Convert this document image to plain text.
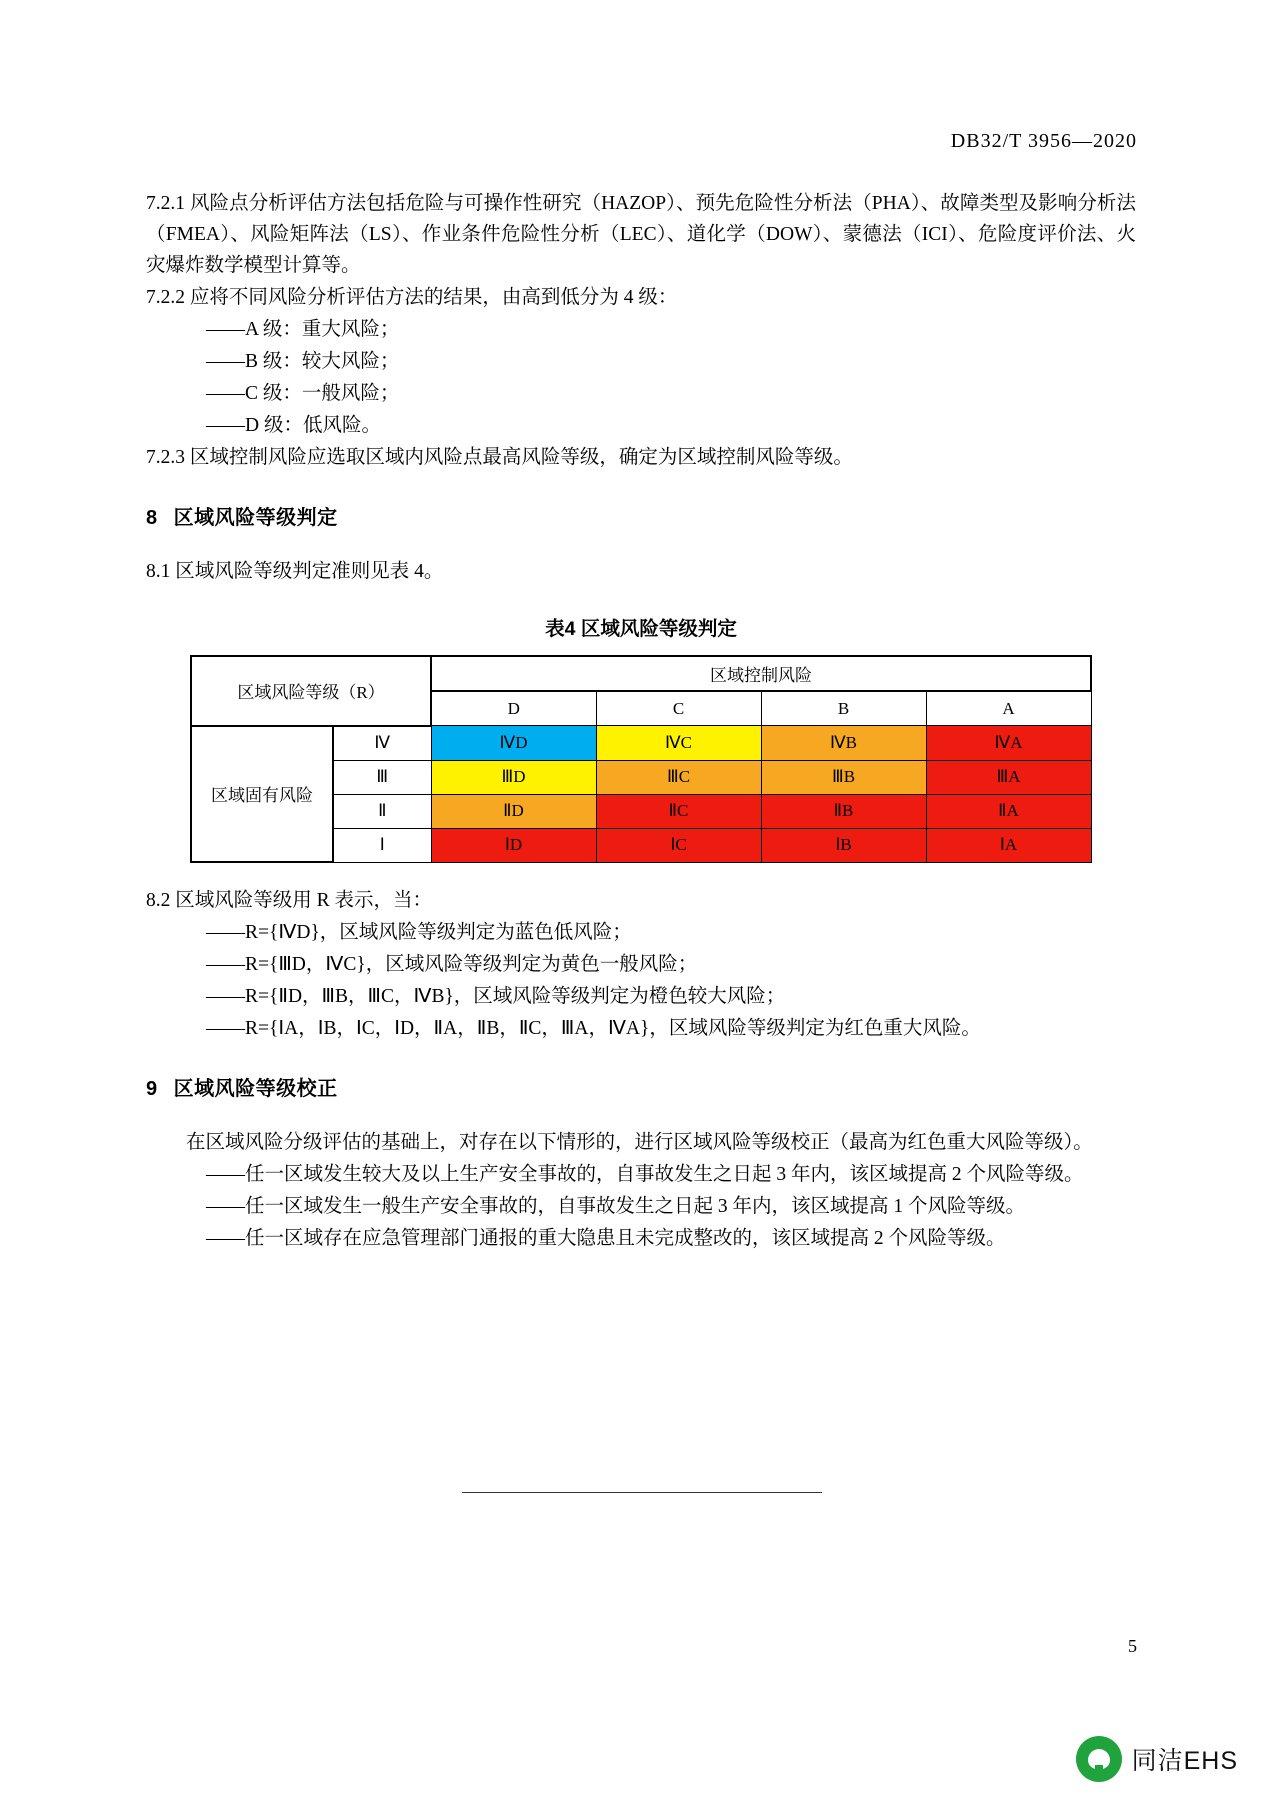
DB32/T 3956—2020

7.2.1 风险点分析评估方法包括危险与可操作性研究（HAZOP）、预先危险性分析法（PHA）、故障类型及影响分析法（FMEA）、风险矩阵法（LS）、作业条件危险性分析（LEC）、道化学（DOW）、蒙德法（ICI）、危险度评价法、火灾爆炸数学模型计算等。

7.2.2 应将不同风险分析评估方法的结果，由高到低分为 4 级：

——A 级：重大风险；
——B 级：较大风险；
——C 级：一般风险；
——D 级：低风险。

7.2.3 区域控制风险应选取区域内风险点最高风险等级，确定为区域控制风险等级。

8 区域风险等级判定

8.1 区域风险等级判定准则见表 4。

表4 区域风险等级判定
区域风险等级（R）		区域控制风险			
		D	C	B	A
区域固有风险	Ⅳ	ⅣD	ⅣC	ⅣB	ⅣA
	Ⅲ	ⅢD	ⅢC	ⅢB	ⅢA
	Ⅱ	ⅡD	ⅡC	ⅡB	ⅡA
	Ⅰ	ⅠD	ⅠC	ⅠB	ⅠA

8.2 区域风险等级用 R 表示，当：

——R={ⅣD}，区域风险等级判定为蓝色低风险；
——R={ⅢD，ⅣC}，区域风险等级判定为黄色一般风险；
——R={ⅡD，ⅢB，ⅢC，ⅣB}，区域风险等级判定为橙色较大风险；
——R={ⅠA，ⅠB，ⅠC，ⅠD，ⅡA，ⅡB，ⅡC，ⅢA，ⅣA}，区域风险等级判定为红色重大风险。
9 区域风险等级校正

在区域风险分级评估的基础上，对存在以下情形的，进行区域风险等级校正（最高为红色重大风险等级）。

——任一区域发生较大及以上生产安全事故的，自事故发生之日起 3 年内，该区域提高 2 个风险等级。
——任一区域发生一般生产安全事故的，自事故发生之日起 3 年内，该区域提高 1 个风险等级。
——任一区域存在应急管理部门通报的重大隐患且未完成整改的，该区域提高 2 个风险等级。
5
同洁EHS
